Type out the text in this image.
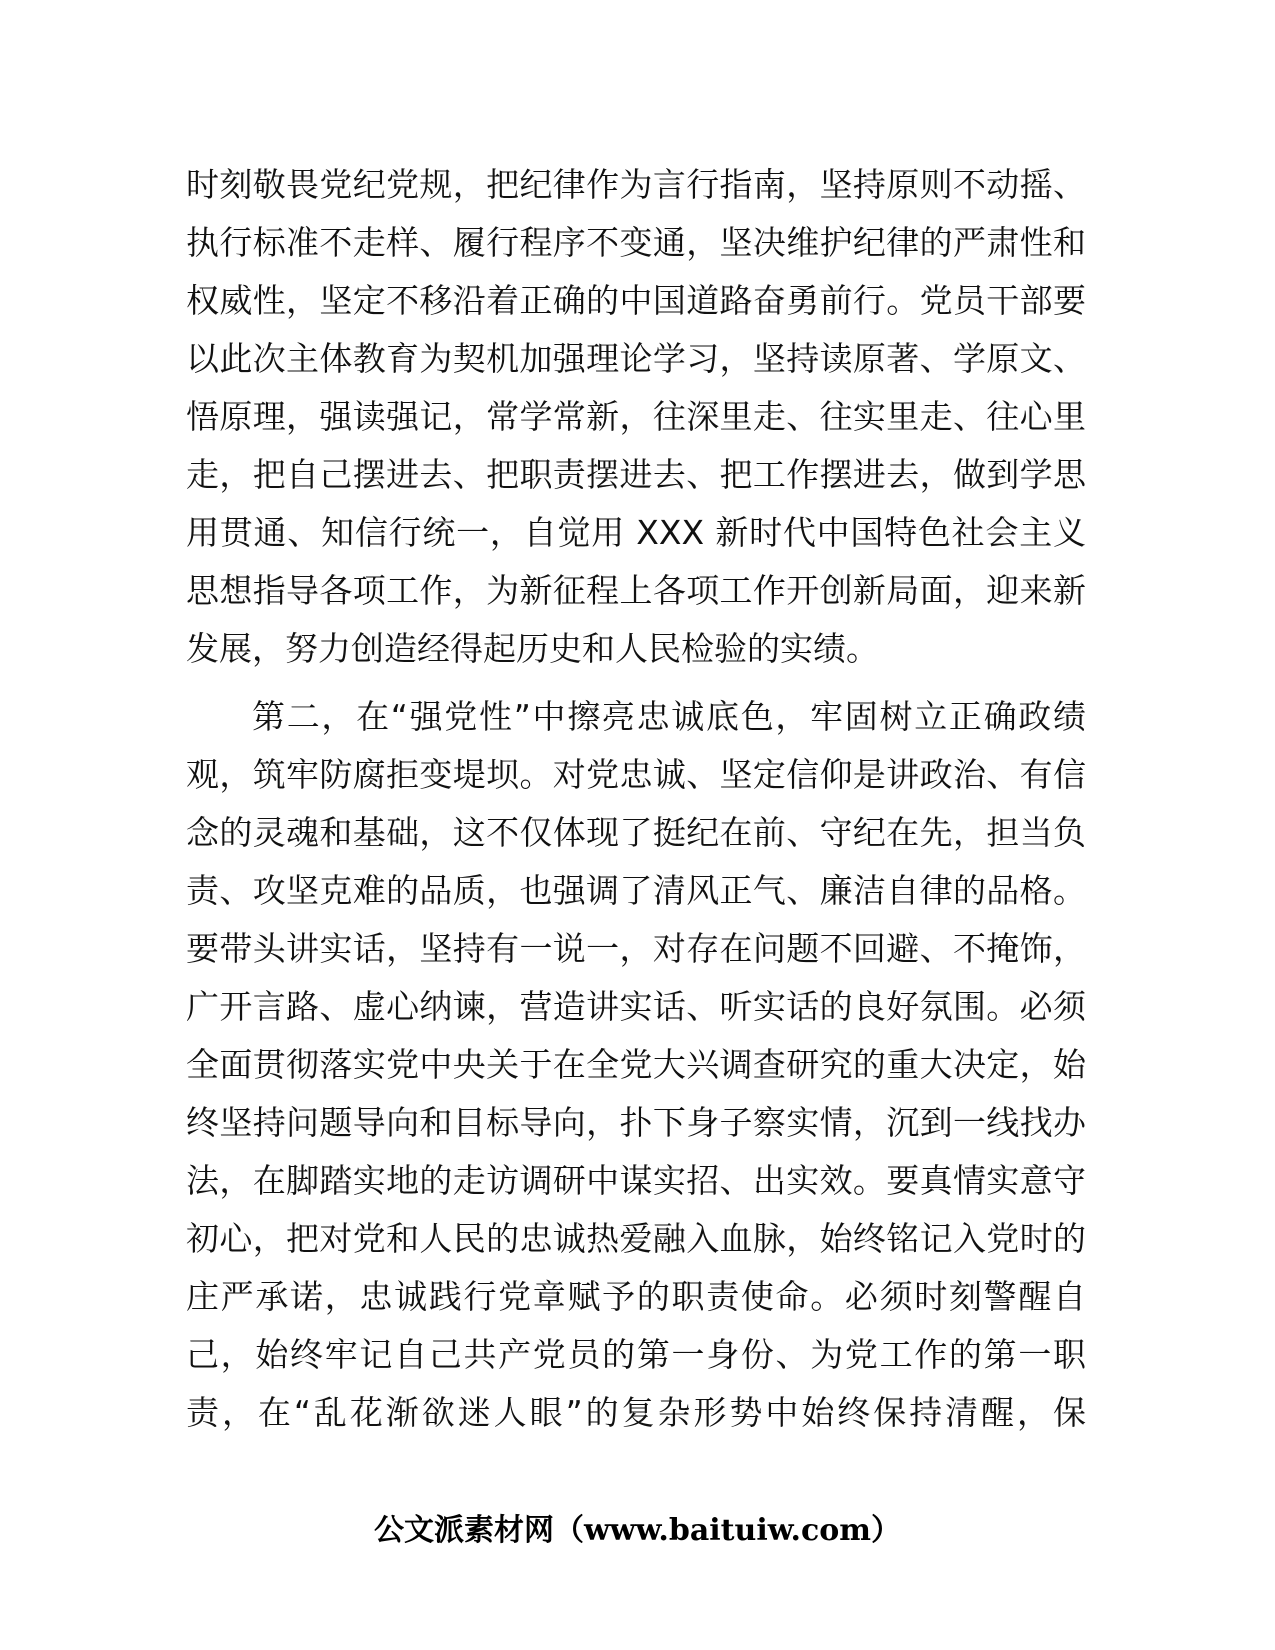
时刻敬畏党纪党规，把纪律作为言行指南，坚持原则不动摇、
执行标准不走样、履行程序不变通，坚决维护纪律的严肃性和
权威性，坚定不移沿着正确的中国道路奋勇前行。党员干部要
以此次主体教育为契机加强理论学习，坚持读原著、学原文、
悟原理，强读强记，常学常新，往深里走、往实里走、往心里
走，把自己摆进去、把职责摆进去、把工作摆进去，做到学思
用贯通、知信行统一，自觉用 XXX 新时代中国特色社会主义
思想指导各项工作，为新征程上各项工作开创新局面，迎来新
发展，努力创造经得起历史和人民检验的实绩。
第二，在“强党性”中擦亮忠诚底色，牢固树立正确政绩
观，筑牢防腐拒变堤坝。对党忠诚、坚定信仰是讲政治、有信
念的灵魂和基础，这不仅体现了挺纪在前、守纪在先，担当负
责、攻坚克难的品质，也强调了清风正气、廉洁自律的品格。
要带头讲实话，坚持有一说一，对存在问题不回避、不掩饰，
广开言路、虚心纳谏，营造讲实话、听实话的良好氛围。必须
全面贯彻落实党中央关于在全党大兴调查研究的重大决定，始
终坚持问题导向和目标导向，扑下身子察实情，沉到一线找办
法，在脚踏实地的走访调研中谋实招、出实效。要真情实意守
初心，把对党和人民的忠诚热爱融入血脉，始终铭记入党时的
庄严承诺，忠诚践行党章赋予的职责使命。必须时刻警醒自
己，始终牢记自己共产党员的第一身份、为党工作的第一职
责，在“乱花渐欲迷人眼”的复杂形势中始终保持清醒，保
公文派素材网（www.baituiw.com）
